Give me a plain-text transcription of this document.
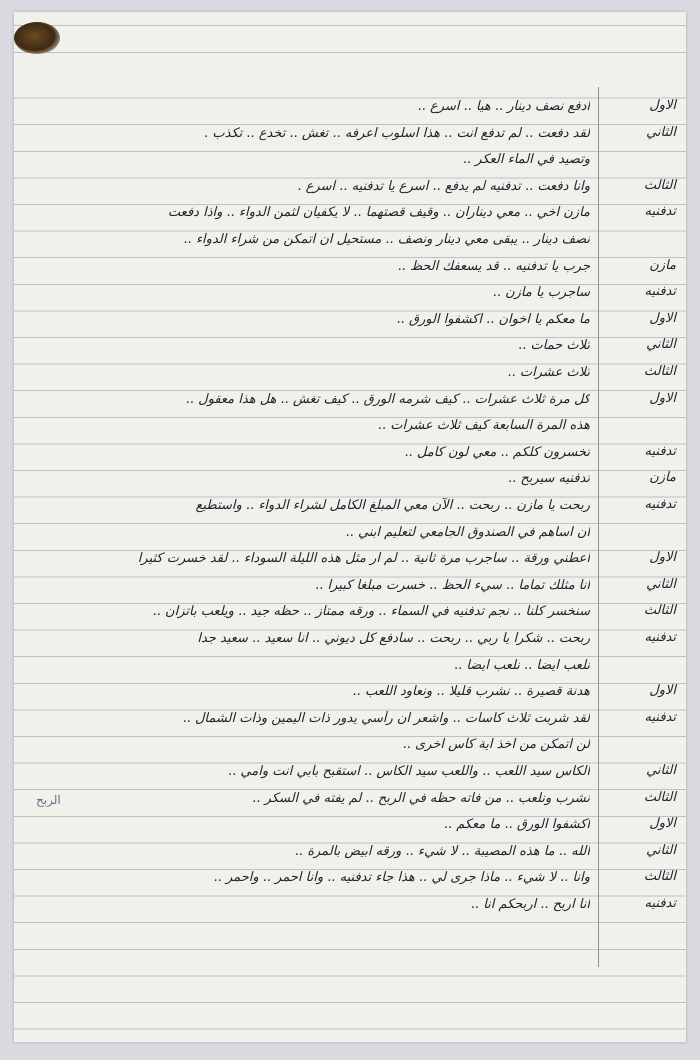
الاول
ادفع نصف دينار .. هيا .. اسرع ..
الثاني
لقد دفعت .. لم تدفع انت .. هذا اسلوب اعرفه .. تغش .. تخدع .. تكذب .
وتصيد في الماء العكر ..
الثالث
وانا دفعت .. تدفنيه لم يدفع .. اسرع يا تدفنيه .. اسرع .
تدفنيه
مازن اخي .. معي ديناران .. وقيف قصتهما .. لا يكفيان لثمن الدواء .. واذا دفعت
نصف دينار .. يبقى معي دينار ونصف .. مستحيل ان اتمكن من شراء الدواء ..
مازن
جرب يا تدفنيه .. قد يسعفك الحظ ..
تدفنيه
ساجرب يا مازن ..
الاول
ما معكم يا اخوان .. اكشفوا الورق ..
الثاني
ثلاث حمات ..
الثالث
ثلاث عشرات ..
الاول
كل مرة ثلاث عشرات .. كيف شرمه الورق .. كيف تغش .. هل هذا معقول ..
هذه المرة السابعة كيف ثلاث عشرات ..
تدفنيه
تخسرون كلكم .. معي لون كامل ..
مازن
تدفنيه سيربح ..
تدفنيه
ربحت يا مازن .. ربحت .. الآن معي المبلغ الكامل لشراء الدواء .. واستطيع
ان اساهم في الصندوق الجامعي لتعليم ابني ..
الاول
اعطني ورقة .. ساجرب مرة ثانية .. لم ار مثل هذه الليلة السوداء .. لقد خسرت كثيرا
الثاني
انا مثلك تماما .. سيء الحظ .. خسرت مبلغا كبيرا ..
الثالث
سنخسر كلنا .. نجم تدفنيه في السماء .. ورقه ممتاز .. حظه جيد .. ويلعب باتزان ..
تدفنيه
ربحت .. شكرا يا ربي .. ربحت .. سادفع كل ديوني .. انا سعيد .. سعيد جدا
نلعب ايضا .. نلعب ايضا ..
الاول
هدنة قصيرة .. نشرب قليلا .. ونعاود اللعب ..
تدفنيه
لقد شربت ثلاث كاسات .. واشعر ان رأسي يدور ذات اليمين وذات الشمال ..
لن اتمكن من اخذ اية كأس اخرى ..
الثاني
الكاس سيد اللعب .. واللعب سيد الكاس .. استقبح بأبي انت وامي ..
الثالث
نشرب ونلعب .. من فاته حظه في الربح .. لم يفته في السكر ..
الربح
الاول
اكشفوا الورق .. ما معكم ..
الثاني
الله .. ما هذه المصيبة .. لا شيء .. ورقه ابيض بالمرة ..
الثالث
وانا .. لا شيء .. ماذا جرى لي .. هذا جاء تدفنيه .. وانا احمر .. واحمر ..
تدفنيه
انا اربح .. اربحكم انا ..
